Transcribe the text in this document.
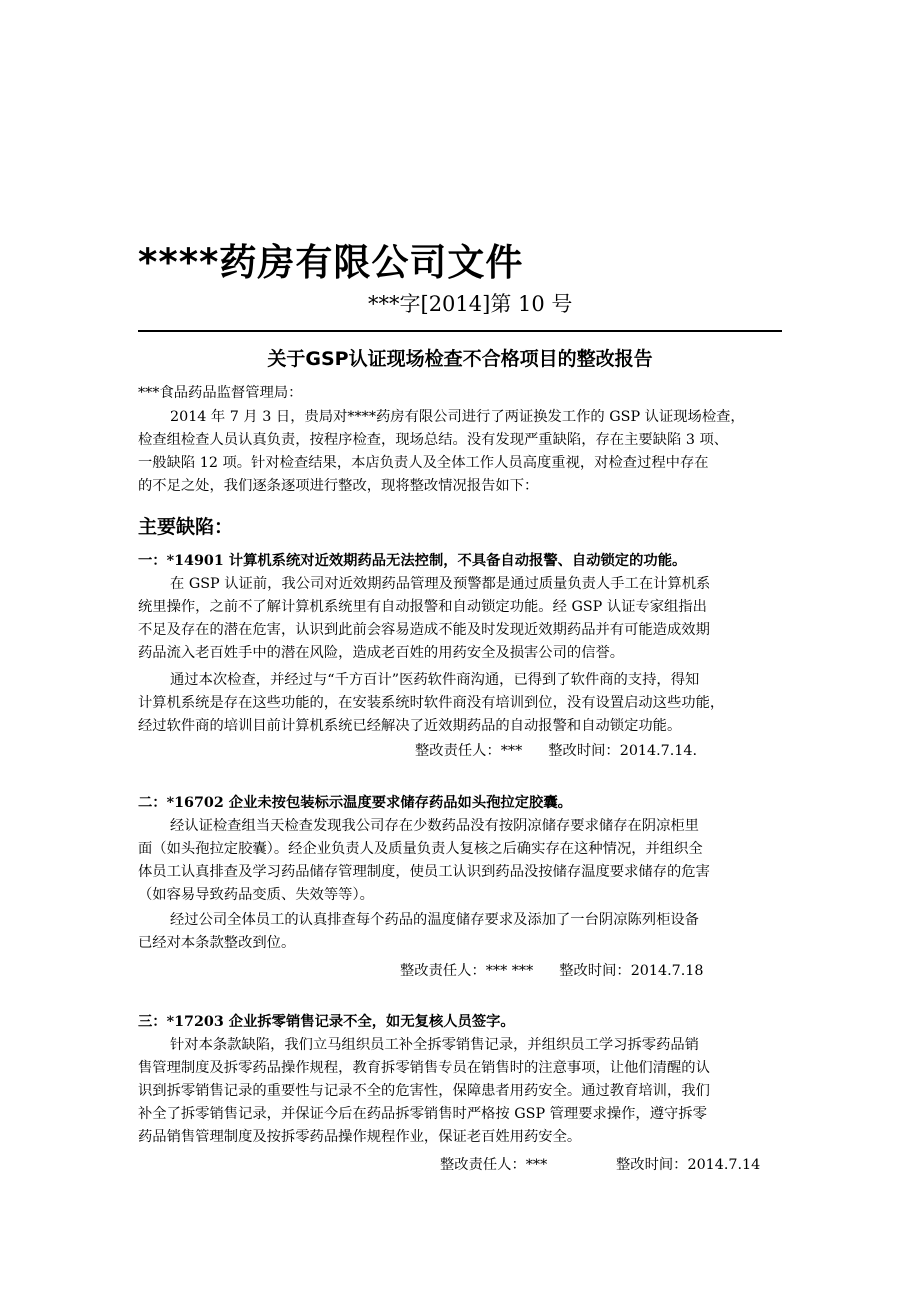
****药房有限公司文件
***字[2014]第 10 号
关于GSP认证现场检查不合格项目的整改报告
***食品药品监督管理局：
2014 年 7 月 3 日，贵局对****药房有限公司进行了两证换发工作的 GSP 认证现场检查，
检查组检查人员认真负责，按程序检查，现场总结。没有发现严重缺陷，存在主要缺陷 3 项、
一般缺陷 12 项。针对检查结果，本店负责人及全体工作人员高度重视，对检查过程中存在
的不足之处，我们逐条逐项进行整改，现将整改情况报告如下：
主要缺陷：
一：*14901 计算机系统对近效期药品无法控制，不具备自动报警、自动锁定的功能。
在 GSP 认证前，我公司对近效期药品管理及预警都是通过质量负责人手工在计算机系
统里操作，之前不了解计算机系统里有自动报警和自动锁定功能。经 GSP 认证专家组指出
不足及存在的潜在危害，认识到此前会容易造成不能及时发现近效期药品并有可能造成效期
药品流入老百姓手中的潜在风险，造成老百姓的用药安全及损害公司的信誉。
通过本次检查，并经过与“千方百计”医药软件商沟通，已得到了软件商的支持，得知
计算机系统是存在这些功能的，在安装系统时软件商没有培训到位，没有设置启动这些功能，
经过软件商的培训目前计算机系统已经解决了近效期药品的自动报警和自动锁定功能。
整改责任人：*** 整改时间：2014.7.14.
二：*16702 企业未按包装标示温度要求储存药品如头孢拉定胶囊。
经认证检查组当天检查发现我公司存在少数药品没有按阴凉储存要求储存在阴凉柜里
面（如头孢拉定胶囊）。经企业负责人及质量负责人复核之后确实存在这种情况，并组织全
体员工认真排查及学习药品储存管理制度，使员工认识到药品没按储存温度要求储存的危害
（如容易导致药品变质、失效等等）。
经过公司全体员工的认真排查每个药品的温度储存要求及添加了一台阴凉陈列柜设备
已经对本条款整改到位。
整改责任人：*** *** 整改时间：2014.7.18
三：*17203 企业拆零销售记录不全，如无复核人员签字。
针对本条款缺陷，我们立马组织员工补全拆零销售记录，并组织员工学习拆零药品销
售管理制度及拆零药品操作规程，教育拆零销售专员在销售时的注意事项，让他们清醒的认
识到拆零销售记录的重要性与记录不全的危害性，保障患者用药安全。通过教育培训，我们
补全了拆零销售记录，并保证今后在药品拆零销售时严格按 GSP 管理要求操作，遵守拆零
药品销售管理制度及按拆零药品操作规程作业，保证老百姓用药安全。
整改责任人：***	整改时间：2014.7.14
